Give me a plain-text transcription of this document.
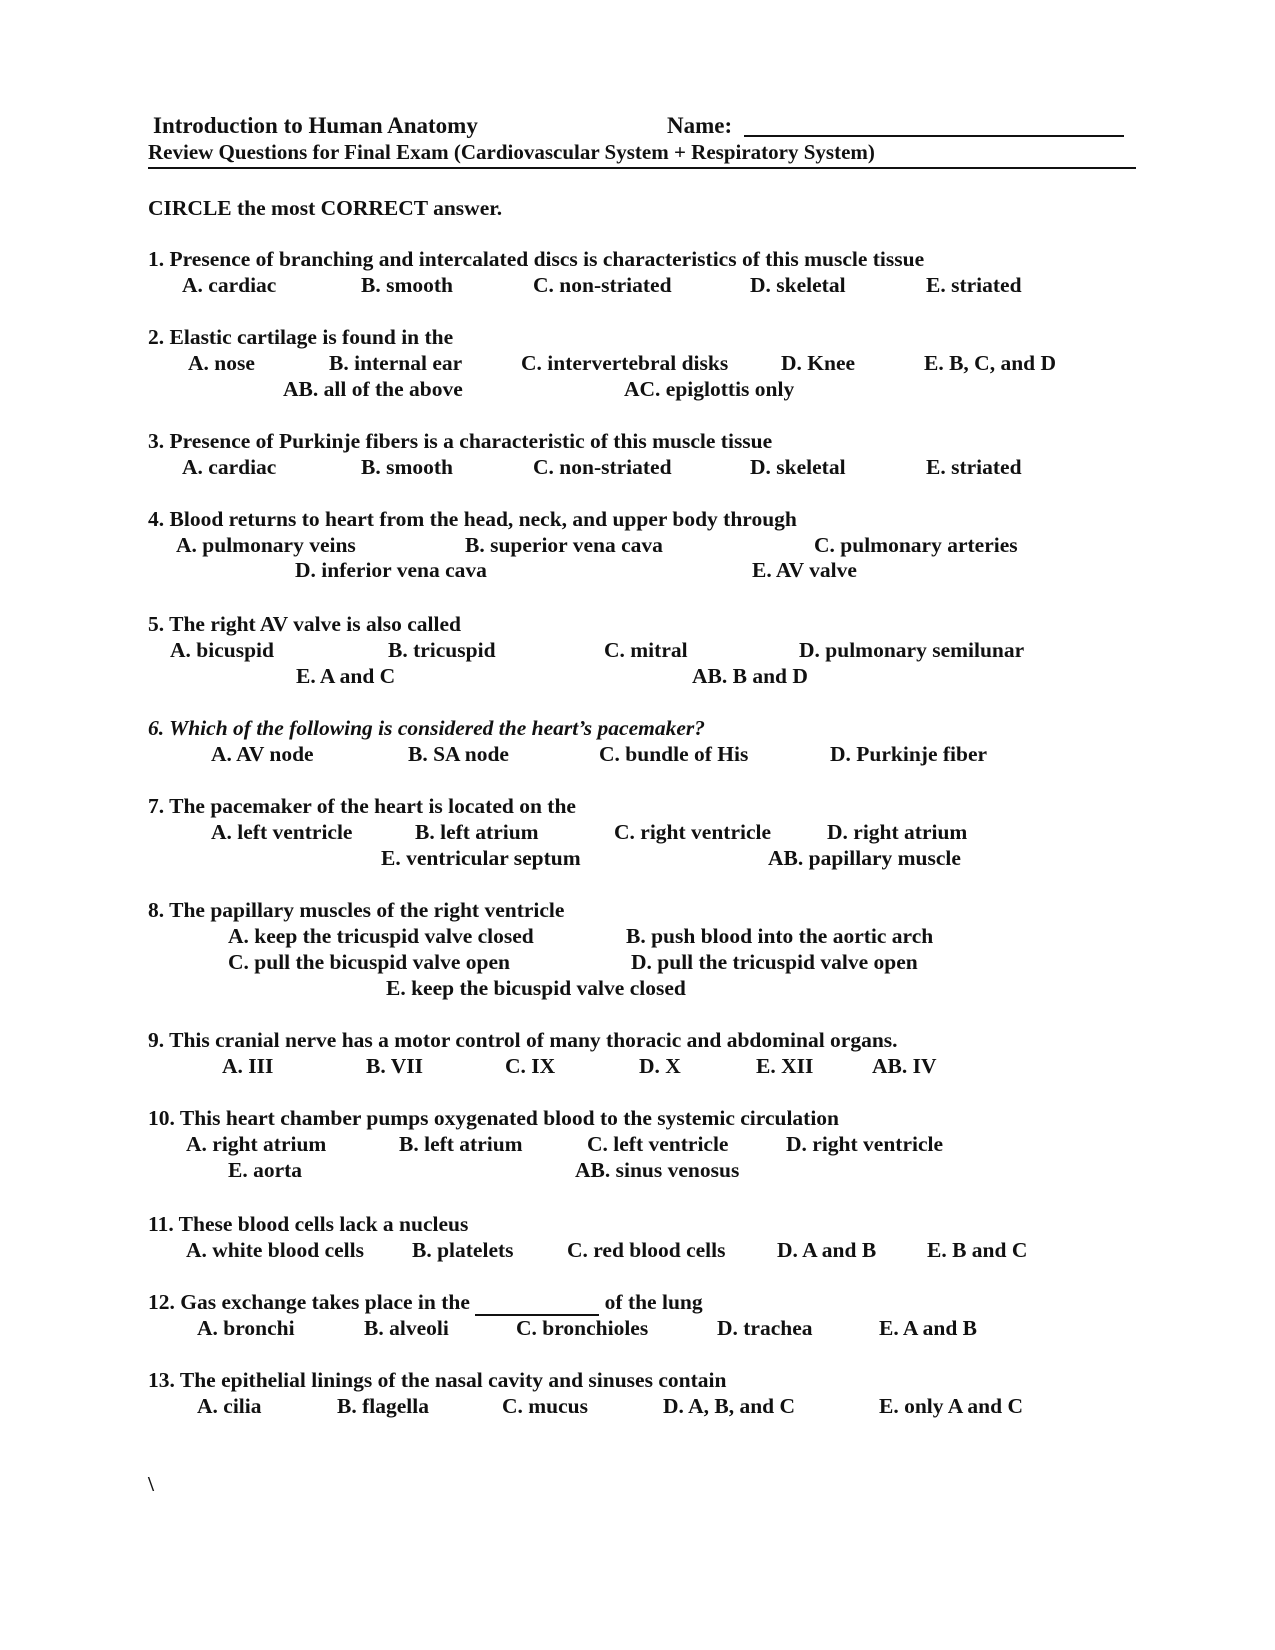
Introduction to Human Anatomy	Name:
Review Questions for Final Exam (Cardiovascular System + Respiratory System)
CIRCLE the most CORRECT answer.
1. Presence of branching and intercalated discs is characteristics of this muscle tissue
A. cardiac	B. smooth	C. non-striated	D. skeletal	E. striated
2. Elastic cartilage is found in the
A. nose	B. internal ear	C. intervertebral disks D. Knee	E. B, C, and D
AB. all of the above	AC. epiglottis only
3. Presence of Purkinje fibers is a characteristic of this muscle tissue
A. cardiac	B. smooth	C. non-striated	D. skeletal	E. striated
4. Blood returns to heart from the head, neck, and upper body through
A. pulmonary veins	B. superior vena cava	C. pulmonary arteries
D. inferior vena cava	E. AV valve
5. The right AV valve is also called
A. bicuspid	B. tricuspid	C. mitral	D. pulmonary semilunar
E. A and C	AB. B and D
6. Which of the following is considered the heart’s pacemaker?
A. AV node	B. SA node	C. bundle of His	D. Purkinje fiber
7. The pacemaker of the heart is located on the
A. left ventricle	B. left atrium	C. right ventricle	D. right atrium
E. ventricular septum	AB. papillary muscle
8. The papillary muscles of the right ventricle
A. keep the tricuspid valve closed	B. push blood into the aortic arch
C. pull the bicuspid valve open	D. pull the tricuspid valve open
E. keep the bicuspid valve closed
9. This cranial nerve has a motor control of many thoracic and abdominal organs.
A. III	B. VII	C. IX	D. X	E. XII	AB. IV
10. This heart chamber pumps oxygenated blood to the systemic circulation
A. right atrium	B. left atrium	C. left ventricle	D. right ventricle
E. aorta	AB. sinus venosus
11. These blood cells lack a nucleus
A. white blood cells B. platelets C. red blood cells D. A and B E. B and C
12. Gas exchange takes place in the	of the lung
A. bronchi	B. alveoli	C. bronchioles	D. trachea	E. A and B
13. The epithelial linings of the nasal cavity and sinuses contain
A. cilia	B. flagella	C. mucus	D. A, B, and C	E. only A and C
\
